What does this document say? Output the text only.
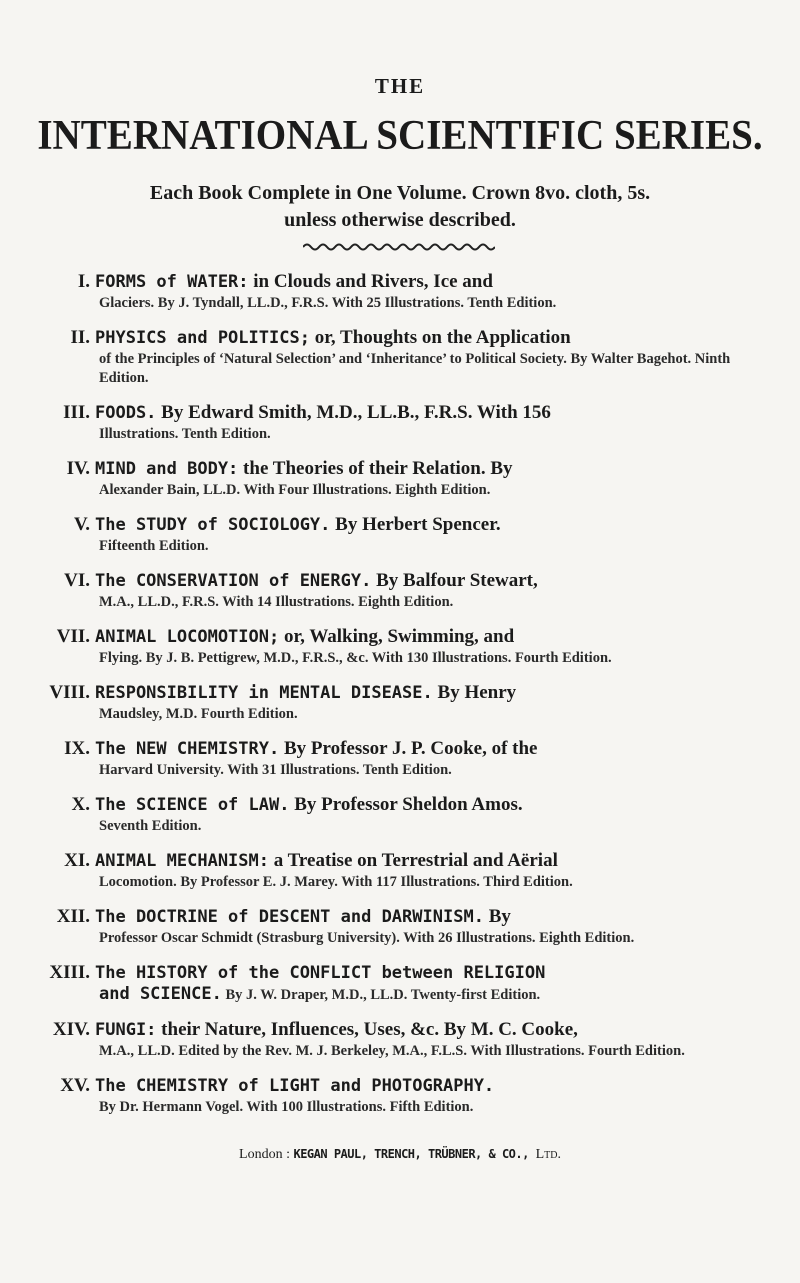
THE
INTERNATIONAL SCIENTIFIC SERIES.
Each Book Complete in One Volume. Crown 8vo. cloth, 5s.
unless otherwise described.
I. FORMS of WATER: in Clouds and Rivers, Ice and
Glaciers. By J. Tyndall, LL.D., F.R.S. With 25 Illustrations. Tenth Edition.
II. PHYSICS and POLITICS; or, Thoughts on the Application
of the Principles of ‘Natural Selection’ and ‘Inheritance’ to Political Society. By Walter Bagehot. Ninth Edition.
III. FOODS. By Edward Smith, M.D., LL.B., F.R.S. With 156
Illustrations. Tenth Edition.
IV. MIND and BODY: the Theories of their Relation. By
Alexander Bain, LL.D. With Four Illustrations. Eighth Edition.
V. The STUDY of SOCIOLOGY. By Herbert Spencer.
Fifteenth Edition.
VI. The CONSERVATION of ENERGY. By Balfour Stewart,
M.A., LL.D., F.R.S. With 14 Illustrations. Eighth Edition.
VII. ANIMAL LOCOMOTION; or, Walking, Swimming, and
Flying. By J. B. Pettigrew, M.D., F.R.S., &c. With 130 Illustrations. Fourth Edition.
VIII. RESPONSIBILITY in MENTAL DISEASE. By Henry
Maudsley, M.D. Fourth Edition.
IX. The NEW CHEMISTRY. By Professor J. P. Cooke, of the
Harvard University. With 31 Illustrations. Tenth Edition.
X. The SCIENCE of LAW. By Professor Sheldon Amos.
Seventh Edition.
XI. ANIMAL MECHANISM: a Treatise on Terrestrial and Aërial
Locomotion. By Professor E. J. Marey. With 117 Illustrations. Third Edition.
XII. The DOCTRINE of DESCENT and DARWINISM. By
Professor Oscar Schmidt (Strasburg University). With 26 Illustrations. Eighth Edition.
XIII. The HISTORY of the CONFLICT between RELIGION
and SCIENCE. By J. W. Draper, M.D., LL.D. Twenty-first Edition.
XIV. FUNGI: their Nature, Influences, Uses, &c. By M. C. Cooke,
M.A., LL.D. Edited by the Rev. M. J. Berkeley, M.A., F.L.S. With Illustrations. Fourth Edition.
XV. The CHEMISTRY of LIGHT and PHOTOGRAPHY.
By Dr. Hermann Vogel. With 100 Illustrations. Fifth Edition.
London : KEGAN PAUL, TRENCH, TRÜBNER, & CO., Ltd.
